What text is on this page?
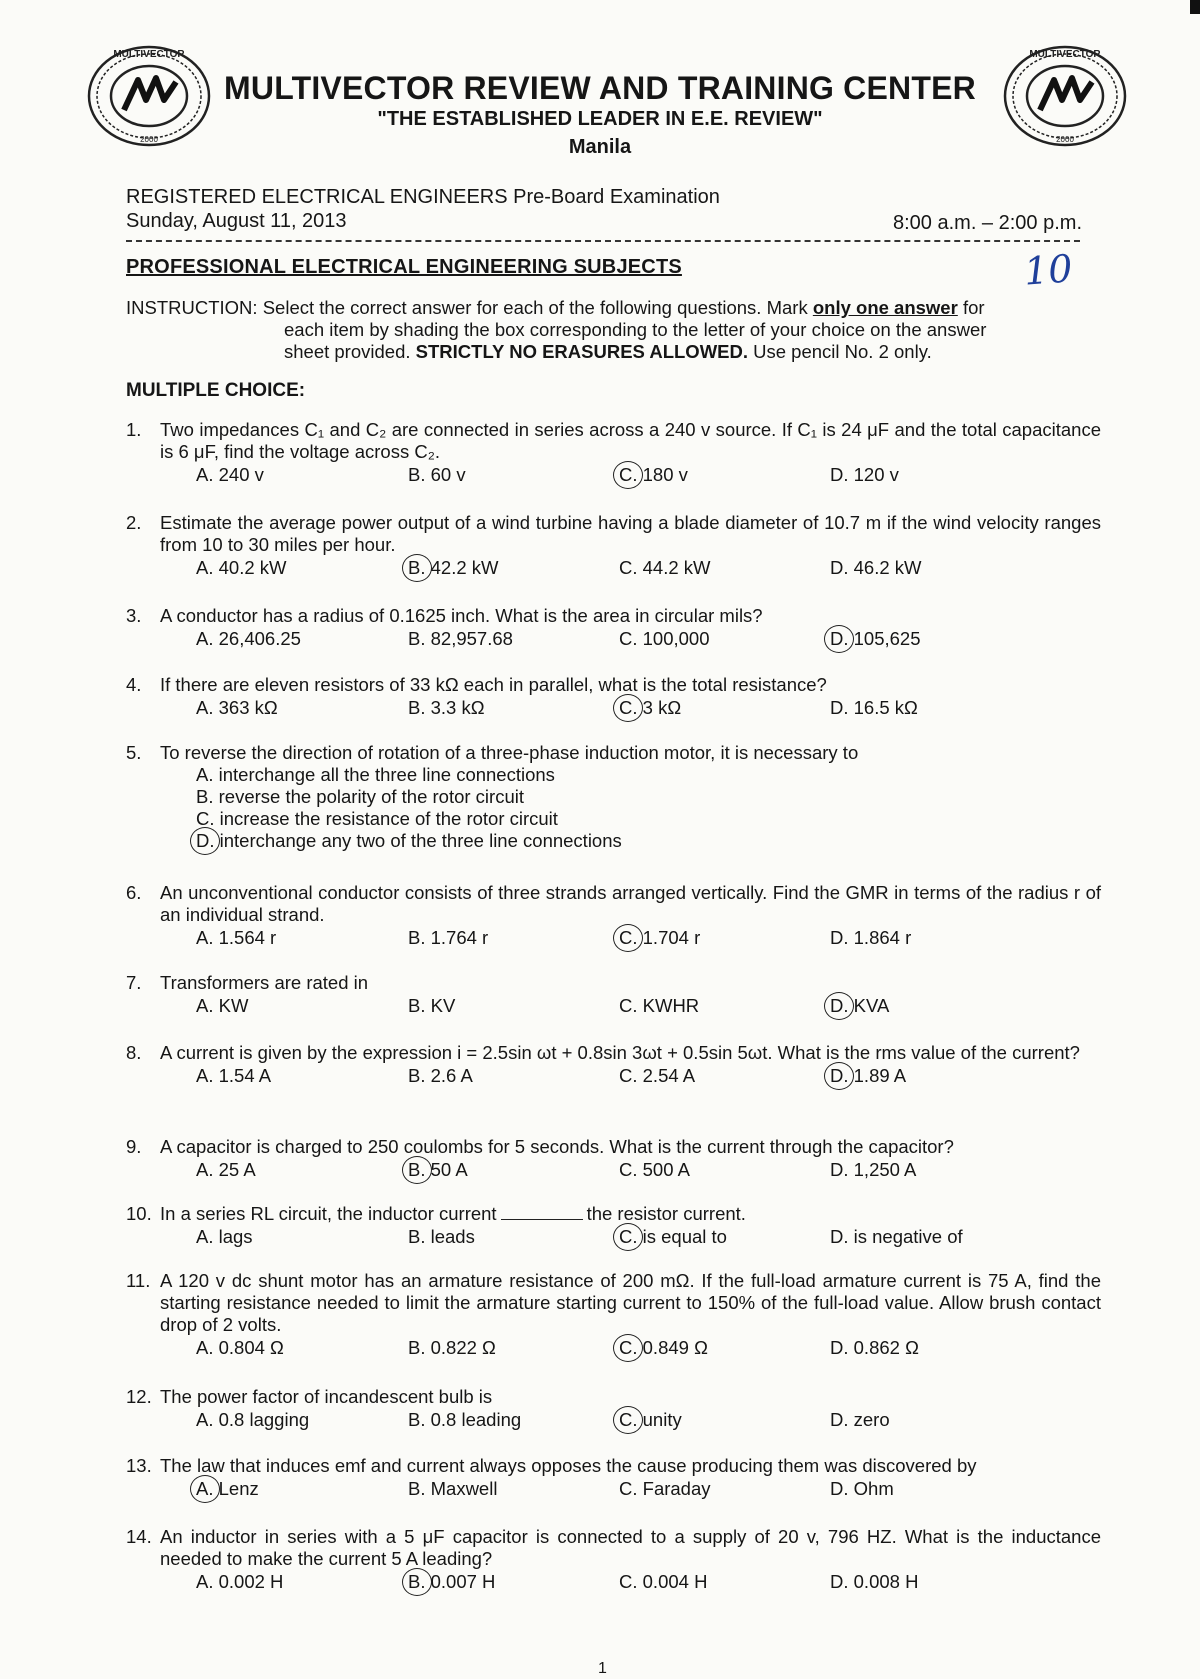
MULTIVECTOR
2000
MULTIVECTOR
2000
MULTIVECTOR REVIEW AND TRAINING CENTER
"THE ESTABLISHED LEADER IN E.E. REVIEW"
Manila
REGISTERED ELECTRICAL ENGINEERS Pre-Board Examination
Sunday, August 11, 2013	8:00 a.m. – 2:00 p.m.
PROFESSIONAL ELECTRICAL ENGINEERING SUBJECTS	10
INSTRUCTION: Select the correct answer for each of the following questions. Mark only one answer for
each item by shading the box corresponding to the letter of your choice on the answer
sheet provided. STRICTLY NO ERASURES ALLOWED. Use pencil No. 2 only.
MULTIPLE CHOICE:
1. Two impedances C₁ and C₂ are connected in series across a 240 v source. If C₁ is 24 μF and the total capacitance is 6 μF, find the voltage across C₂.
A. 240 v	B. 60 v	C. 180 v	D. 120 v
2. Estimate the average power output of a wind turbine having a blade diameter of 10.7 m if the wind velocity ranges from 10 to 30 miles per hour.
A. 40.2 kW	B. 42.2 kW	C. 44.2 kW	D. 46.2 kW
3. A conductor has a radius of 0.1625 inch. What is the area in circular mils?
A. 26,406.25	B. 82,957.68	C. 100,000	D. 105,625
4. If there are eleven resistors of 33 kΩ each in parallel, what is the total resistance?
A. 363 kΩ	B. 3.3 kΩ	C. 3 kΩ	D. 16.5 kΩ
5. To reverse the direction of rotation of a three-phase induction motor, it is necessary to
A. interchange all the three line connections
B. reverse the polarity of the rotor circuit
C. increase the resistance of the rotor circuit
D. interchange any two of the three line connections
6. An unconventional conductor consists of three strands arranged vertically. Find the GMR in terms of the radius r of an individual strand.
A. 1.564 r	B. 1.764 r	C. 1.704 r	D. 1.864 r
7. Transformers are rated in
A. KW	B. KV	C. KWHR	D. KVA
8. A current is given by the expression i = 2.5sin ωt + 0.8sin 3ωt + 0.5sin 5ωt. What is the rms value of the current?
A. 1.54 A	B. 2.6 A	C. 2.54 A	D. 1.89 A
9. A capacitor is charged to 250 coulombs for 5 seconds. What is the current through the capacitor?
A. 25 A	B. 50 A	C. 500 A	D. 1,250 A
10. In a series RL circuit, the inductor current	the resistor current.
A. lags	B. leads	C. is equal to	D. is negative of
11. A 120 v dc shunt motor has an armature resistance of 200 mΩ. If the full-load armature current is 75 A, find the starting resistance needed to limit the armature starting current to 150% of the full-load value. Allow brush contact drop of 2 volts.
A. 0.804 Ω	B. 0.822 Ω	C. 0.849 Ω	D. 0.862 Ω
12. The power factor of incandescent bulb is
A. 0.8 lagging	B. 0.8 leading	C. unity	D. zero
13. The law that induces emf and current always opposes the cause producing them was discovered by
A. Lenz	B. Maxwell	C. Faraday	D. Ohm
14. An inductor in series with a 5 μF capacitor is connected to a supply of 20 v, 796 HZ. What is the inductance needed to make the current 5 A leading?
A. 0.002 H	B. 0.007 H	C. 0.004 H	D. 0.008 H
1
